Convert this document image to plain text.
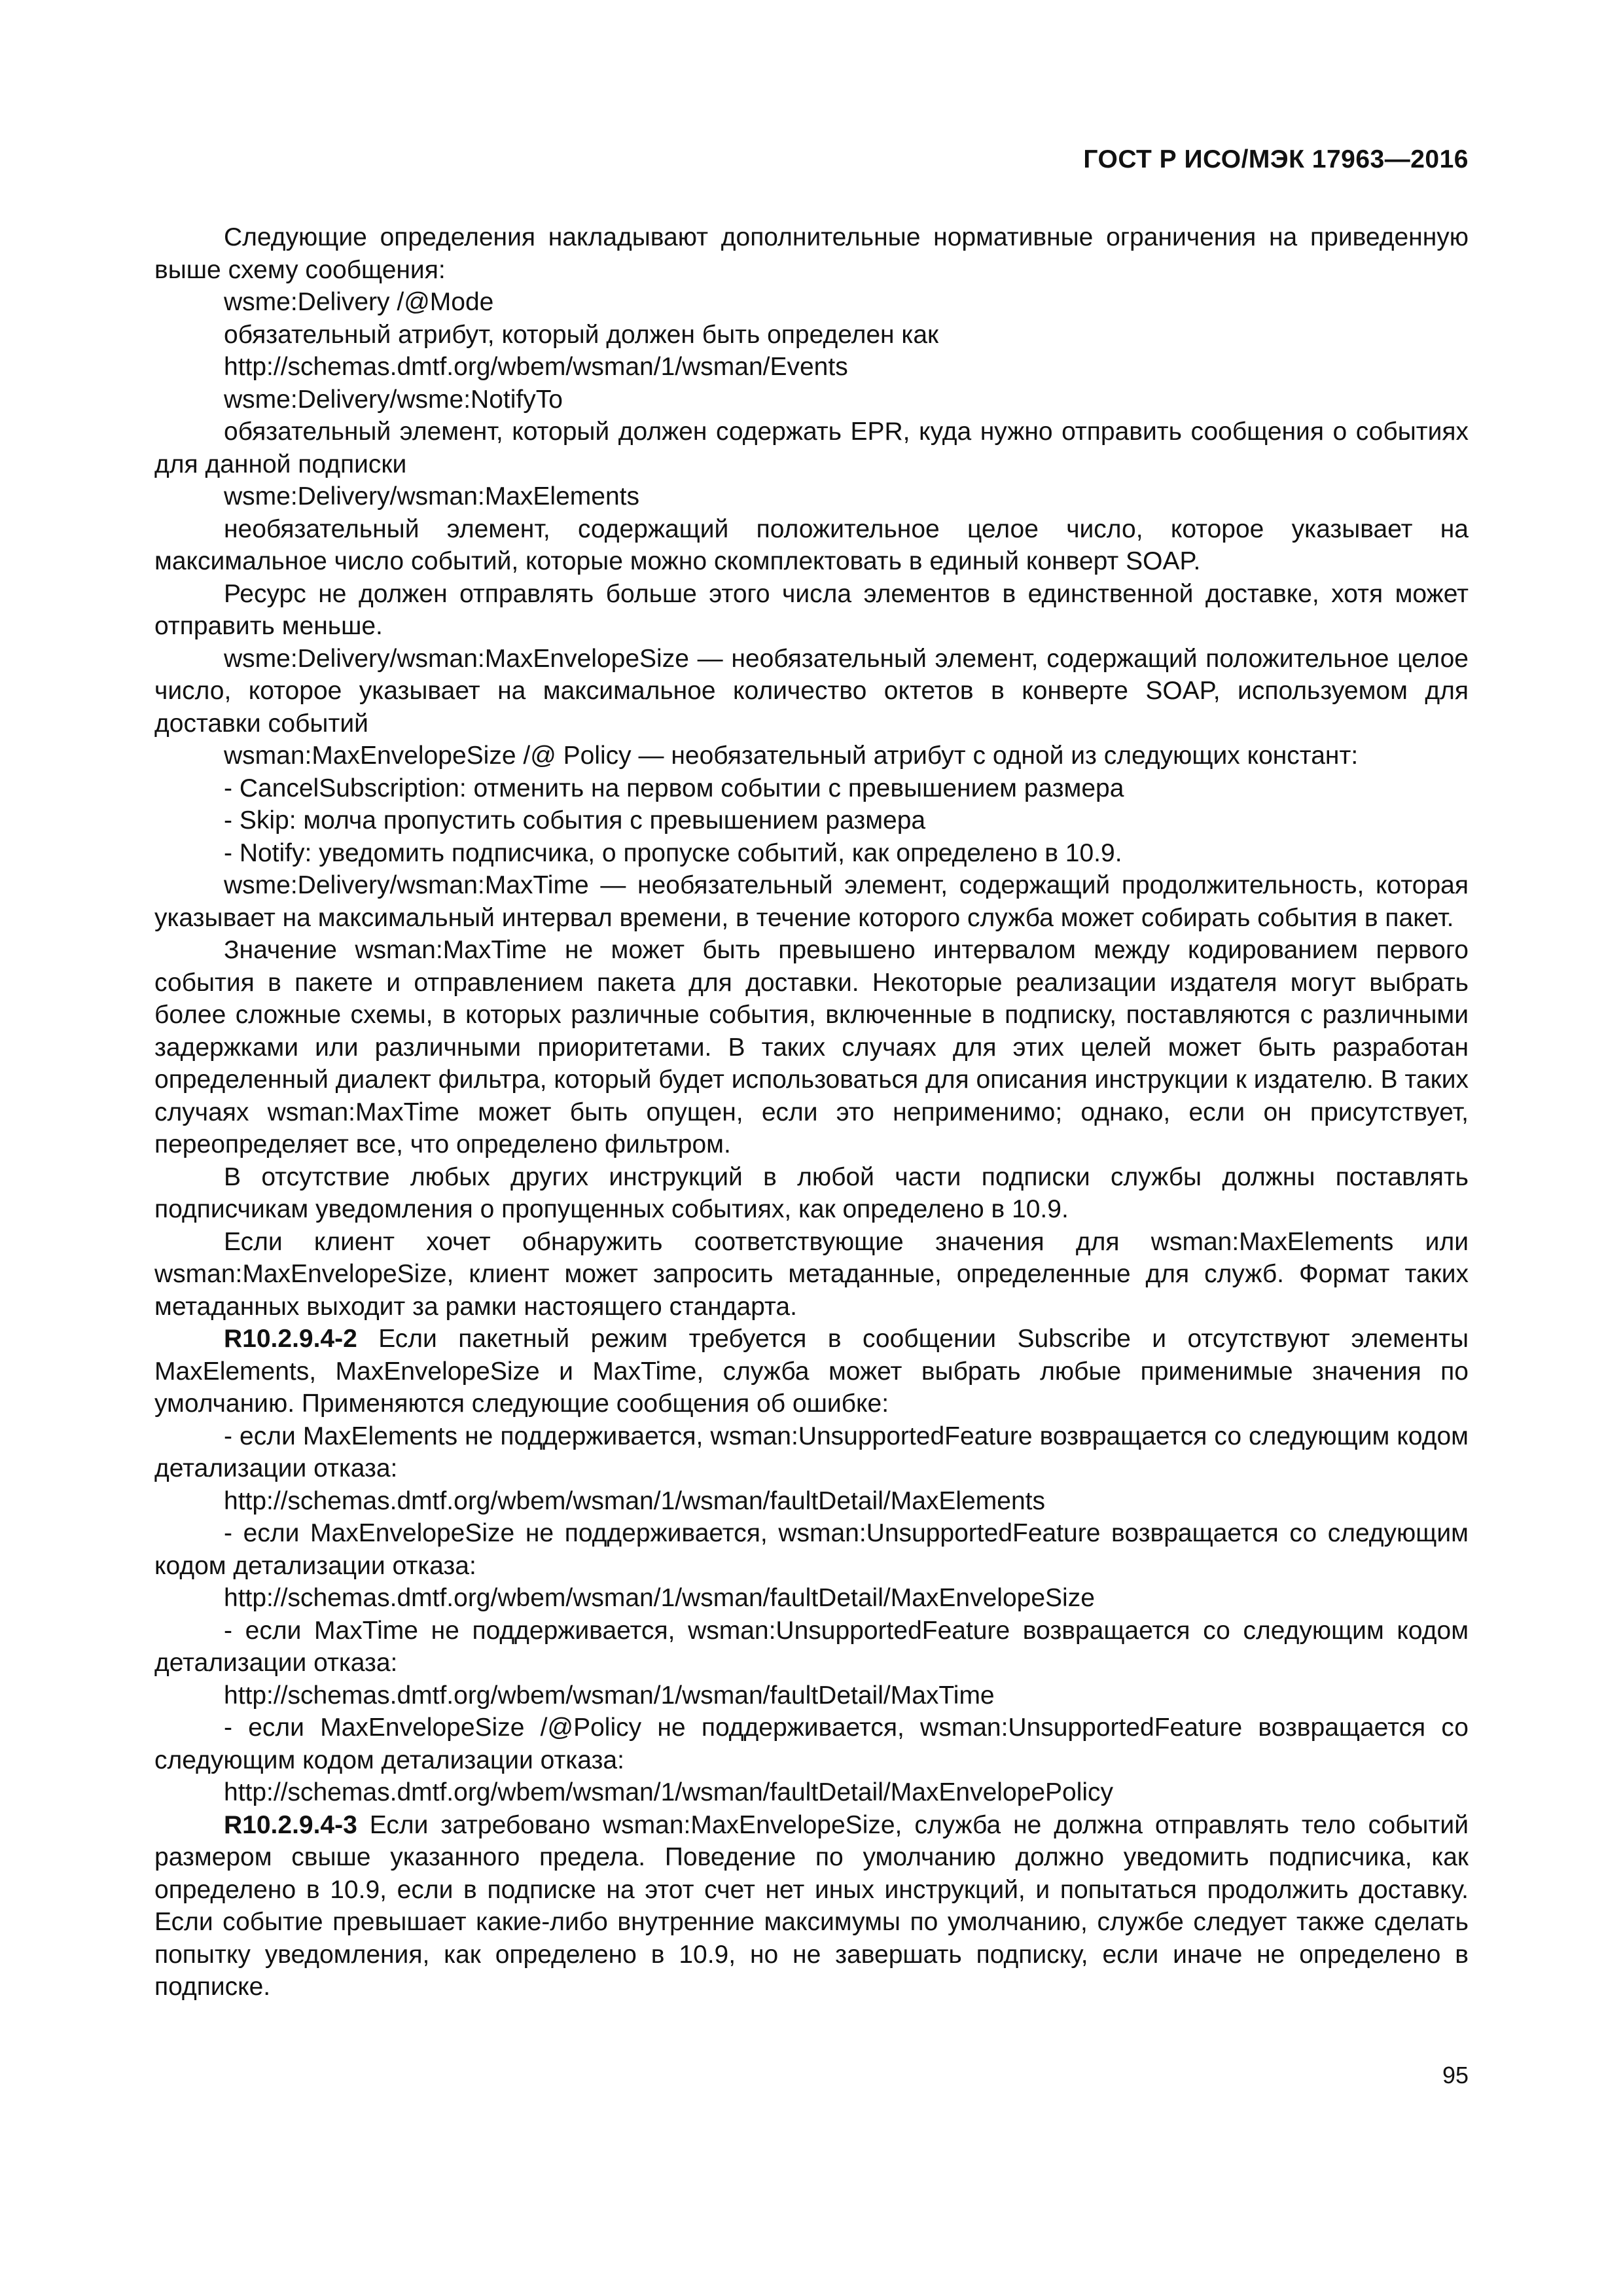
ГОСТ Р ИСО/МЭК 17963—2016

Следующие определения накладывают дополнительные нормативные ограничения на приведенную выше схему сообщения:

wsme:Delivery /@Mode

обязательный атрибут, который должен быть определен как

http://schemas.dmtf.org/wbem/wsman/1/wsman/Events

wsme:Delivery/wsme:NotifyTo

обязательный элемент, который должен содержать EPR, куда нужно отправить сообщения о событиях для данной подписки

wsme:Delivery/wsman:MaxElements

необязательный элемент, содержащий положительное целое число, которое указывает на максимальное число событий, которые можно скомплектовать в единый конверт SOAP.

Ресурс не должен отправлять больше этого числа элементов в единственной доставке, хотя может отправить меньше.

wsme:Delivery/wsman:MaxEnvelopeSize — необязательный элемент, содержащий положительное целое число, которое указывает на максимальное количество октетов в конверте SOAP, используемом для доставки событий

wsman:MaxEnvelopeSize /@ Policy — необязательный атрибут с одной из следующих констант:

- CancelSubscription: отменить на первом событии с превышением размера

- Skip: молча пропустить события с превышением размера

- Notify: уведомить подписчика, о пропуске событий, как определено в 10.9.

wsme:Delivery/wsman:MaxTime — необязательный элемент, содержащий продолжительность, которая указывает на максимальный интервал времени, в течение которого служба может собирать события в пакет.

Значение wsman:MaxTime не может быть превышено интервалом между кодированием первого события в пакете и отправлением пакета для доставки. Некоторые реализации издателя могут выбрать более сложные схемы, в которых различные события, включенные в подписку, поставляются с различными задержками или различными приоритетами. В таких случаях для этих целей может быть разработан определенный диалект фильтра, который будет использоваться для описания инструкции к издателю. В таких случаях wsman:MaxTime может быть опущен, если это неприменимо; однако, если он присутствует, переопределяет все, что определено фильтром.

В отсутствие любых других инструкций в любой части подписки службы должны поставлять подписчикам уведомления о пропущенных событиях, как определено в 10.9.

Если клиент хочет обнаружить соответствующие значения для wsman:MaxElements или wsman:MaxEnvelopeSize, клиент может запросить метаданные, определенные для служб. Формат таких метаданных выходит за рамки настоящего стандарта.

R10.2.9.4-2 Если пакетный режим требуется в сообщении Subscribe и отсутствуют элементы MaxElements, MaxEnvelopeSize и MaxTime, служба может выбрать любые применимые значения по умолчанию. Применяются следующие сообщения об ошибке:

- если MaxElements не поддерживается, wsman:UnsupportedFeature возвращается со следующим кодом детализации отказа:

http://schemas.dmtf.org/wbem/wsman/1/wsman/faultDetail/MaxElements

- если MaxEnvelopeSize не поддерживается, wsman:UnsupportedFeature возвращается со следующим кодом детализации отказа:

http://schemas.dmtf.org/wbem/wsman/1/wsman/faultDetail/MaxEnvelopeSize

- если MaxTime не поддерживается, wsman:UnsupportedFeature возвращается со следующим кодом детализации отказа:

http://schemas.dmtf.org/wbem/wsman/1/wsman/faultDetail/MaxTime

- если MaxEnvelopeSize /@Policy не поддерживается, wsman:UnsupportedFeature возвращается со следующим кодом детализации отказа:

http://schemas.dmtf.org/wbem/wsman/1/wsman/faultDetail/MaxEnvelopePolicy

R10.2.9.4-3 Если затребовано wsman:MaxEnvelopeSize, служба не должна отправлять тело событий размером свыше указанного предела. Поведение по умолчанию должно уведомить подписчика, как определено в 10.9, если в подписке на этот счет нет иных инструкций, и попытаться продолжить доставку. Если событие превышает какие-либо внутренние максимумы по умолчанию, службе следует также сделать попытку уведомления, как определено в 10.9, но не завершать подписку, если иначе не определено в подписке.

95
